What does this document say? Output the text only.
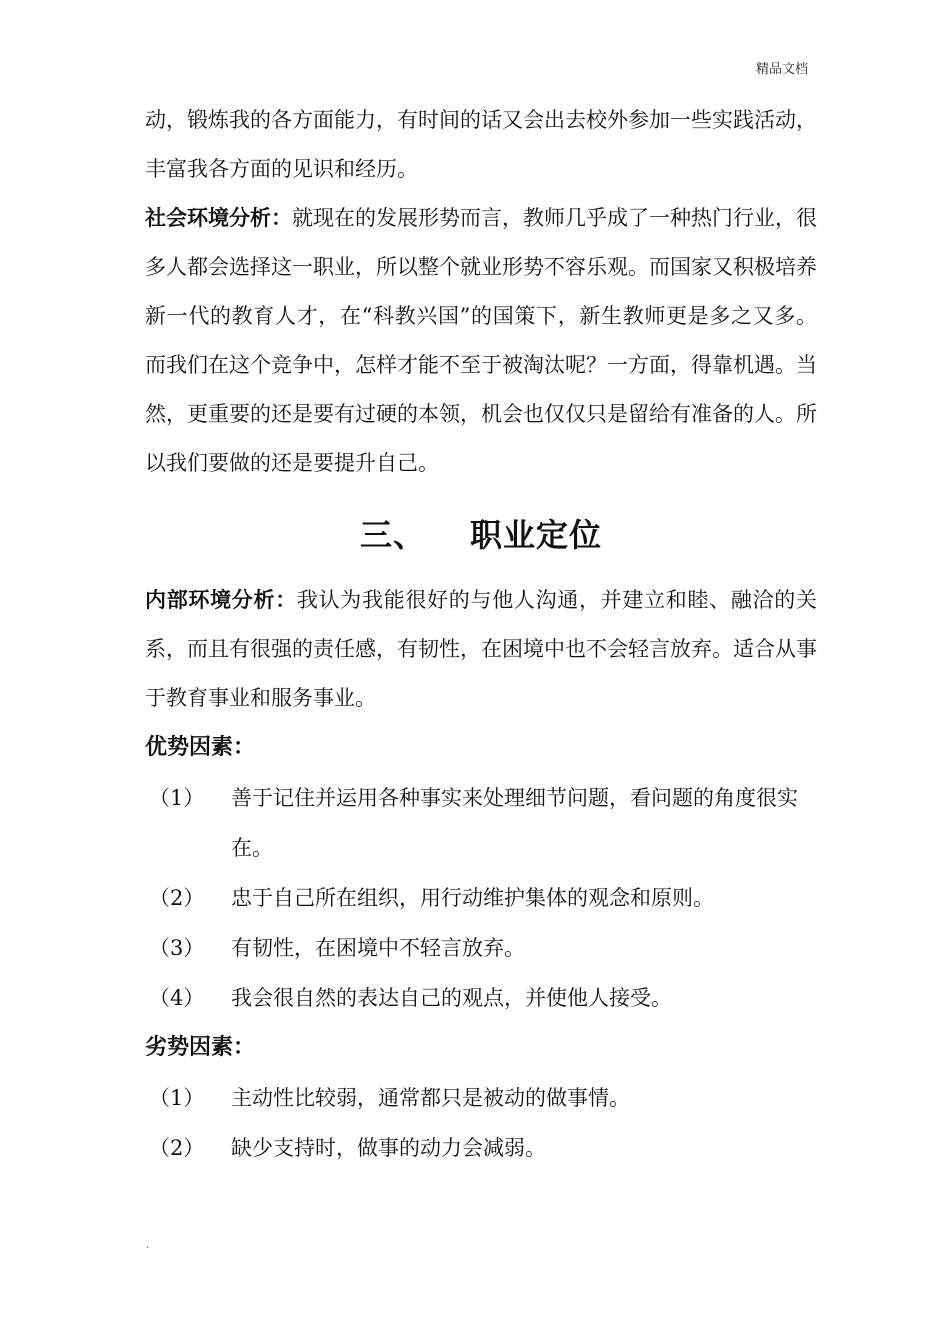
精品文档

动，锻炼我的各方面能力，有时间的话又会出去校外参加一些实践活动，丰富我各方面的见识和经历。

社会环境分析：就现在的发展形势而言，教师几乎成了一种热门行业，很多人都会选择这一职业，所以整个就业形势不容乐观。而国家又积极培养新一代的教育人才，在“科教兴国”的国策下，新生教师更是多之又多。而我们在这个竞争中，怎样才能不至于被淘汰呢？一方面，得靠机遇。当然，更重要的还是要有过硬的本领，机会也仅仅只是留给有准备的人。所以我们要做的还是要提升自己。

三、 职业定位

内部环境分析：我认为我能很好的与他人沟通，并建立和睦、融洽的关系，而且有很强的责任感，有韧性，在困境中也不会轻言放弃。适合从事于教育事业和服务事业。

优势因素：
（1）	善于记住并运用各种事实来处理细节问题，看问题的角度很实在。
（2）	忠于自己所在组织，用行动维护集体的观念和原则。
（3）	有韧性，在困境中不轻言放弃。
（4）	我会很自然的表达自己的观点，并使他人接受。
劣势因素：
（1）	主动性比较弱，通常都只是被动的做事情。
（2）	缺少支持时，做事的动力会减弱。
.
